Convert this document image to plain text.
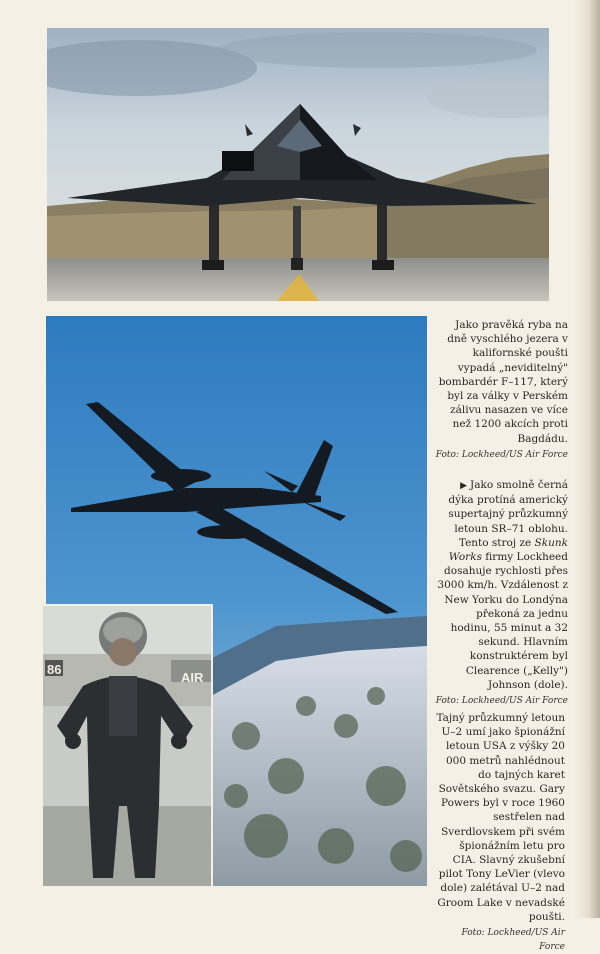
86
AIR

Jako pravěká ryba na dně vyschlého jezera v kalifornské poušti vypadá „neviditelný" bombardér F–117, který byl za války v Perském zálivu nasazen ve více než 1200 akcích proti Bagdádu.

Foto: Lockheed/US Air Force

▶ Jako smolně černá dýka protíná americký supertajný průzkumný letoun SR–71 oblohu. Tento stroj ze Skunk Works firmy Lockheed dosahuje rychlosti přes 3000 km/h. Vzdálenost z New Yorku do Londýna překoná za jednu hodinu, 55 minut a 32 sekund. Hlavním konstruktérem byl Clearence („Kelly") Johnson (dole).

Foto: Lockheed/US Air Force

Tajný průzkumný letoun U–2 umí jako špionážní letoun USA z výšky 20 000 metrů nahlédnout do tajných karet Sovětského svazu. Gary Powers byl v roce 1960 sestřelen nad Sverdlovskem při svém špionážním letu pro CIA. Slavný zkušební pilot Tony LeVier (vlevo dole) zalétával U–2 nad Groom Lake v nevadské poušti.

Foto: Lockheed/US Air Force
